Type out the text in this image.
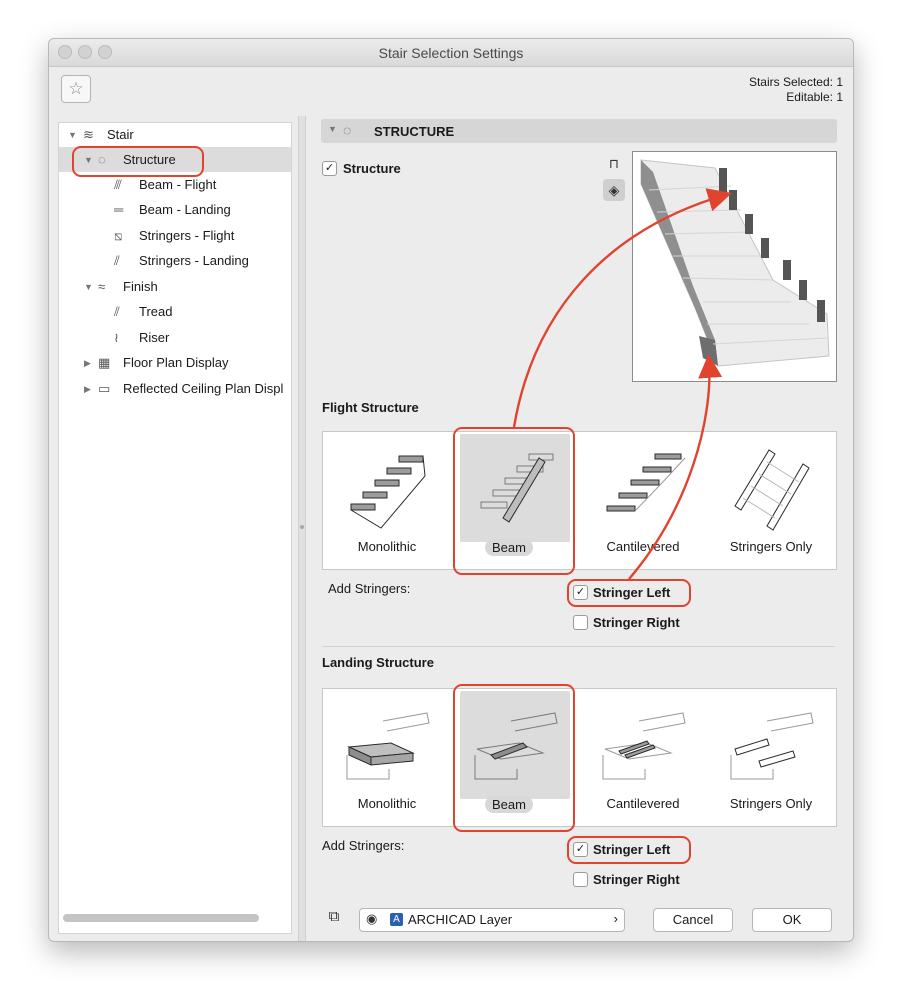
Stair Selection Settings
☆	Stairs Selected: 1
Editable: 1
▼ ≋ Stair
▼ ◌ Structure
⫻ Beam - Flight
═ Beam - Landing
⧅ Stringers - Flight
⫽ Stringers - Landing
▼ ≈ Finish
⫽ Tread
≀ Riser
▶ ▦ Floor Plan Display
▶ ▭ Reflected Ceiling Plan Displ
▼ ◌ STRUCTURE
✓ Structure	⊓
◈
Flight Structure
Monolithic	Beam	Cantilevered	Stringers Only
Add Stringers:	✓ Stringer Left
Stringer Right
Landing Structure
Monolithic	Beam	Cantilevered	Stringers Only
Add Stringers:	✓ Stringer Left
Stringer Right
⧉	◉	A ARCHICAD Layer	›	Cancel	OK
